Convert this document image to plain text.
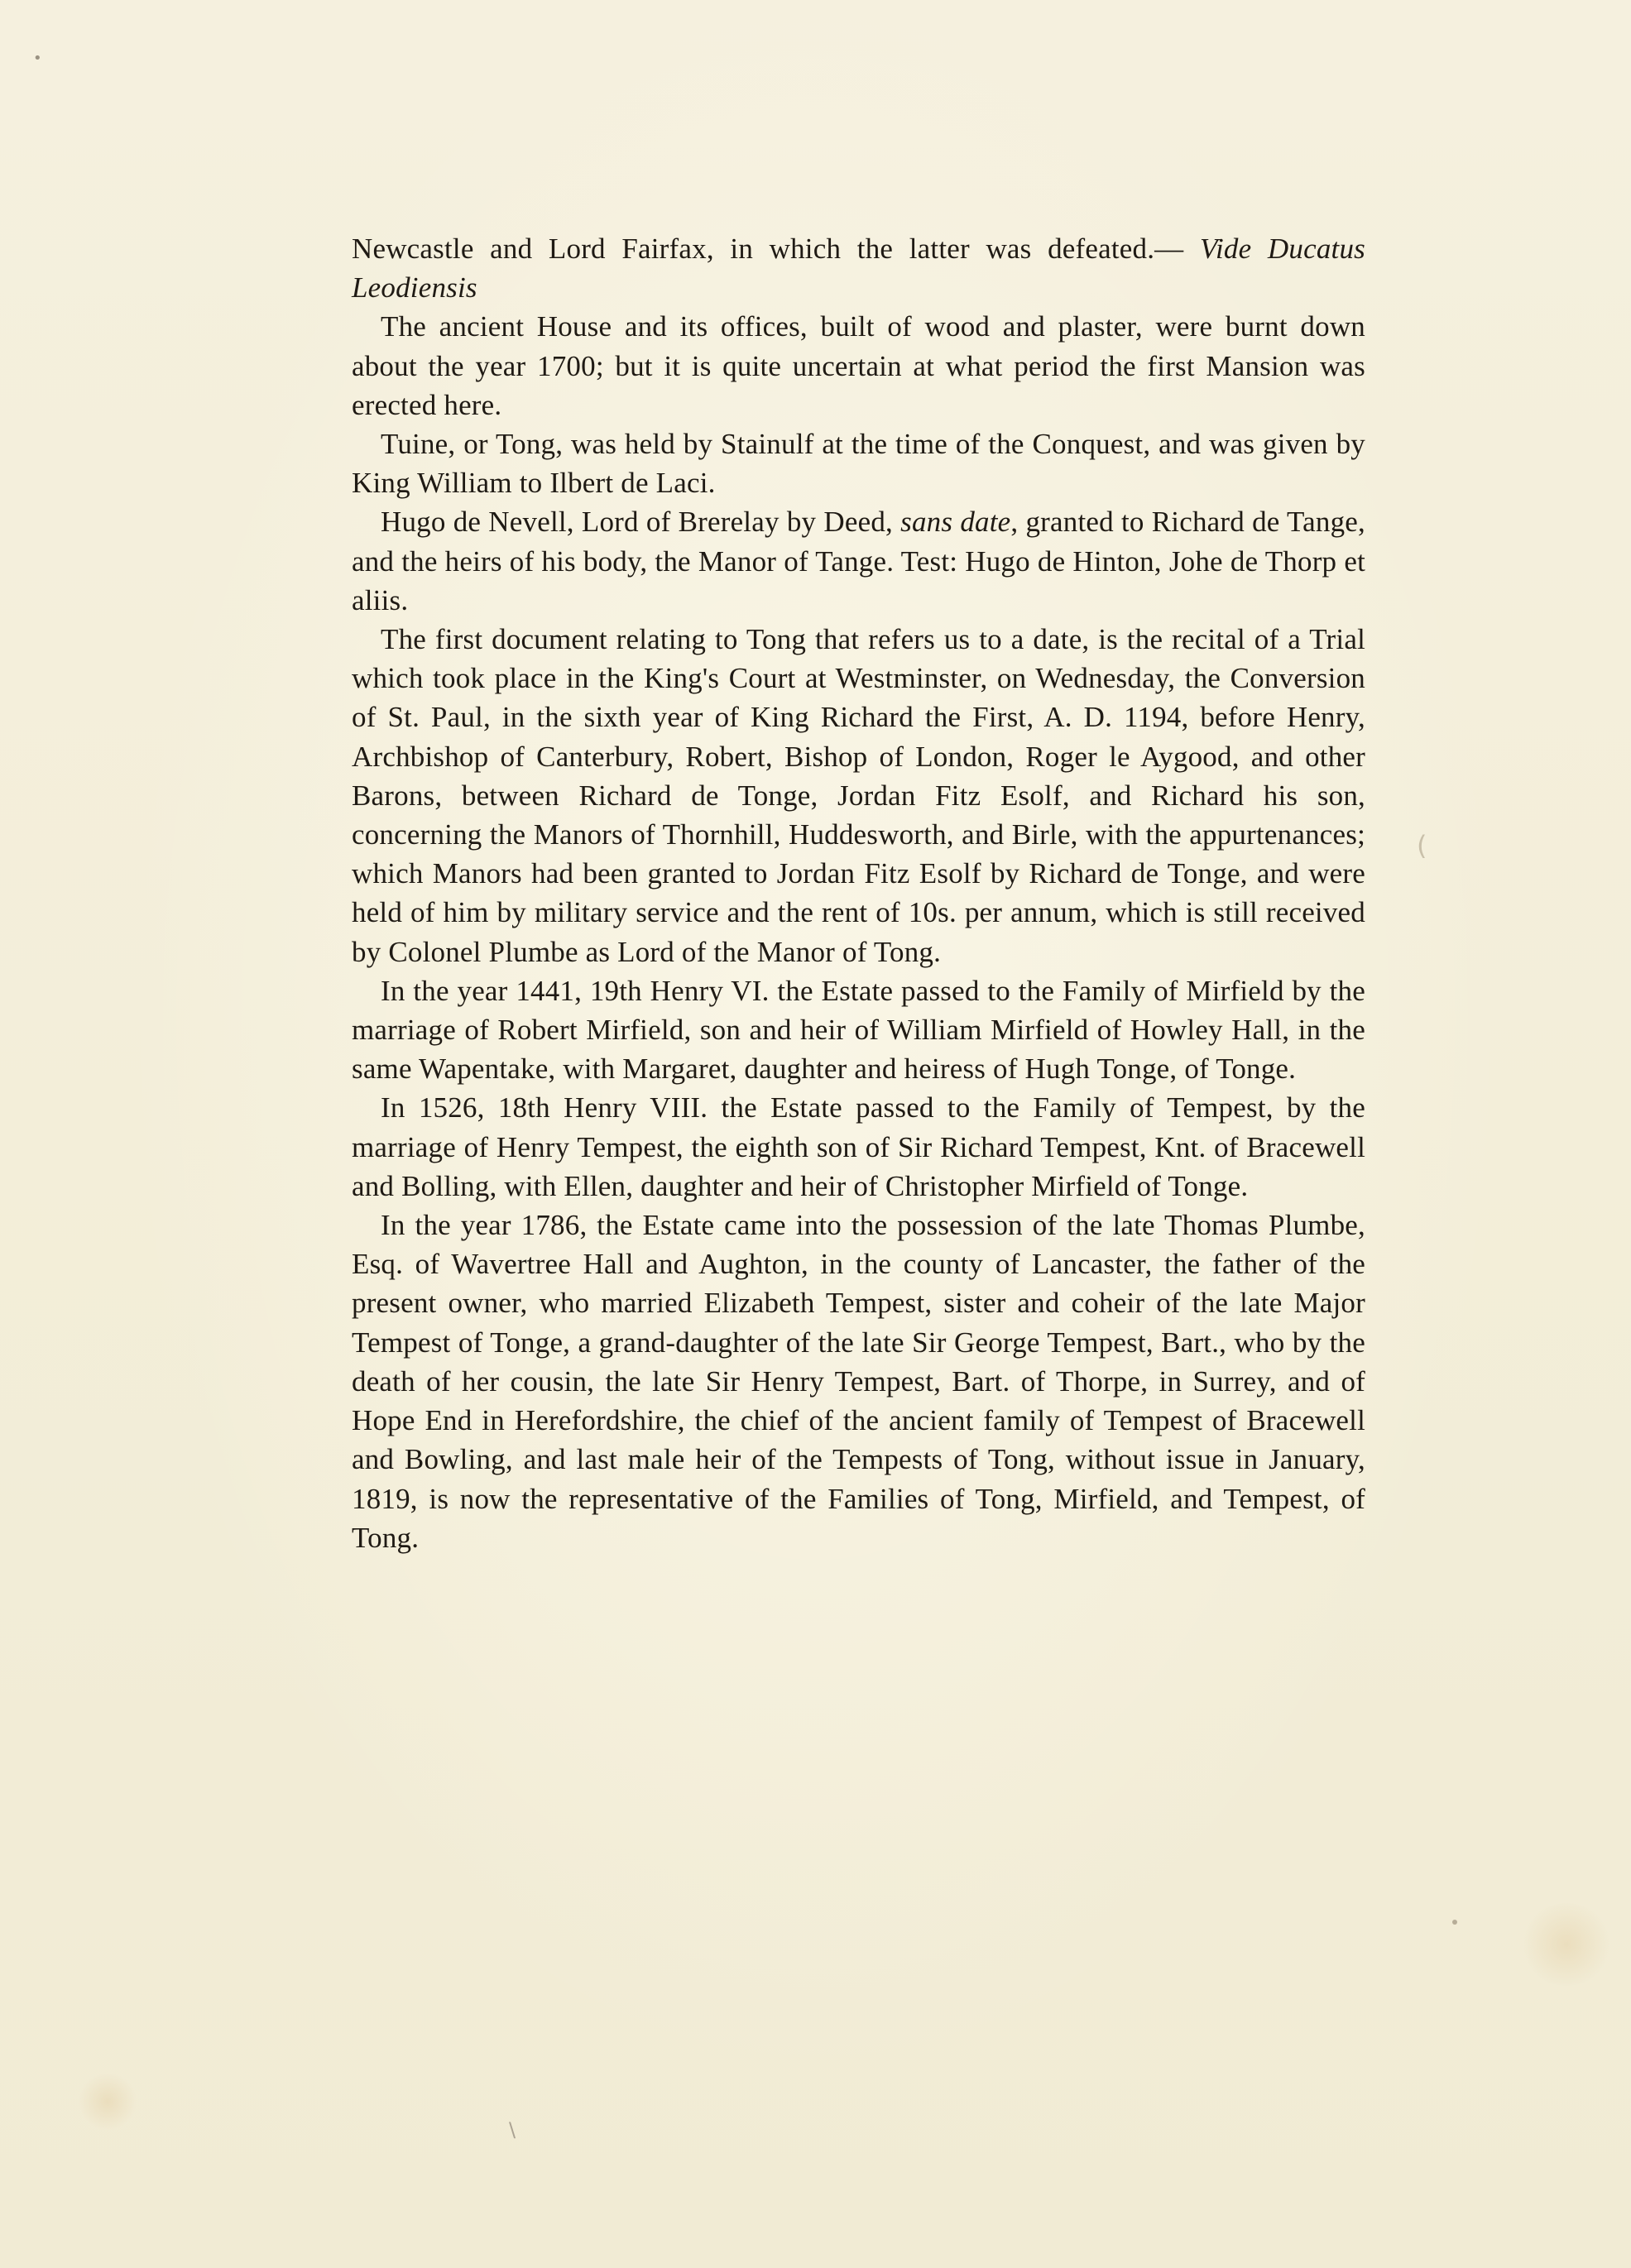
•
(
\

Newcastle and Lord Fairfax, in which the latter was defeated.— Vide Ducatus Leodiensis

The ancient House and its offices, built of wood and plaster, were burnt down about the year 1700; but it is quite uncertain at what period the first Mansion was erected here.

Tuine, or Tong, was held by Stainulf at the time of the Conquest, and was given by King William to Ilbert de Laci.

Hugo de Nevell, Lord of Brerelay by Deed, sans date, granted to Richard de Tange, and the heirs of his body, the Manor of Tange. Test: Hugo de Hinton, Johe de Thorp et aliis.

The first document relating to Tong that refers us to a date, is the recital of a Trial which took place in the King's Court at Westminster, on Wednesday, the Conversion of St. Paul, in the sixth year of King Richard the First, A. D. 1194, before Henry, Archbishop of Canterbury, Robert, Bishop of London, Roger le Aygood, and other Barons, between Richard de Tonge, Jordan Fitz Esolf, and Richard his son, concerning the Manors of Thornhill, Huddesworth, and Birle, with the appurtenances; which Manors had been granted to Jordan Fitz Esolf by Richard de Tonge, and were held of him by military service and the rent of 10s. per annum, which is still received by Colonel Plumbe as Lord of the Manor of Tong.

In the year 1441, 19th Henry VI. the Estate passed to the Family of Mirfield by the marriage of Robert Mirfield, son and heir of William Mirfield of Howley Hall, in the same Wapentake, with Margaret, daughter and heiress of Hugh Tonge, of Tonge.

In 1526, 18th Henry VIII. the Estate passed to the Family of Tempest, by the marriage of Henry Tempest, the eighth son of Sir Richard Tempest, Knt. of Bracewell and Bolling, with Ellen, daughter and heir of Christopher Mirfield of Tonge.

In the year 1786, the Estate came into the possession of the late Thomas Plumbe, Esq. of Wavertree Hall and Aughton, in the county of Lancaster, the father of the present owner, who married Elizabeth Tempest, sister and coheir of the late Major Tempest of Tonge, a grand-daughter of the late Sir George Tempest, Bart., who by the death of her cousin, the late Sir Henry Tempest, Bart. of Thorpe, in Surrey, and of Hope End in Herefordshire, the chief of the ancient family of Tempest of Bracewell and Bowling, and last male heir of the Tempests of Tong, without issue in January, 1819, is now the representative of the Families of Tong, Mirfield, and Tempest, of Tong.
